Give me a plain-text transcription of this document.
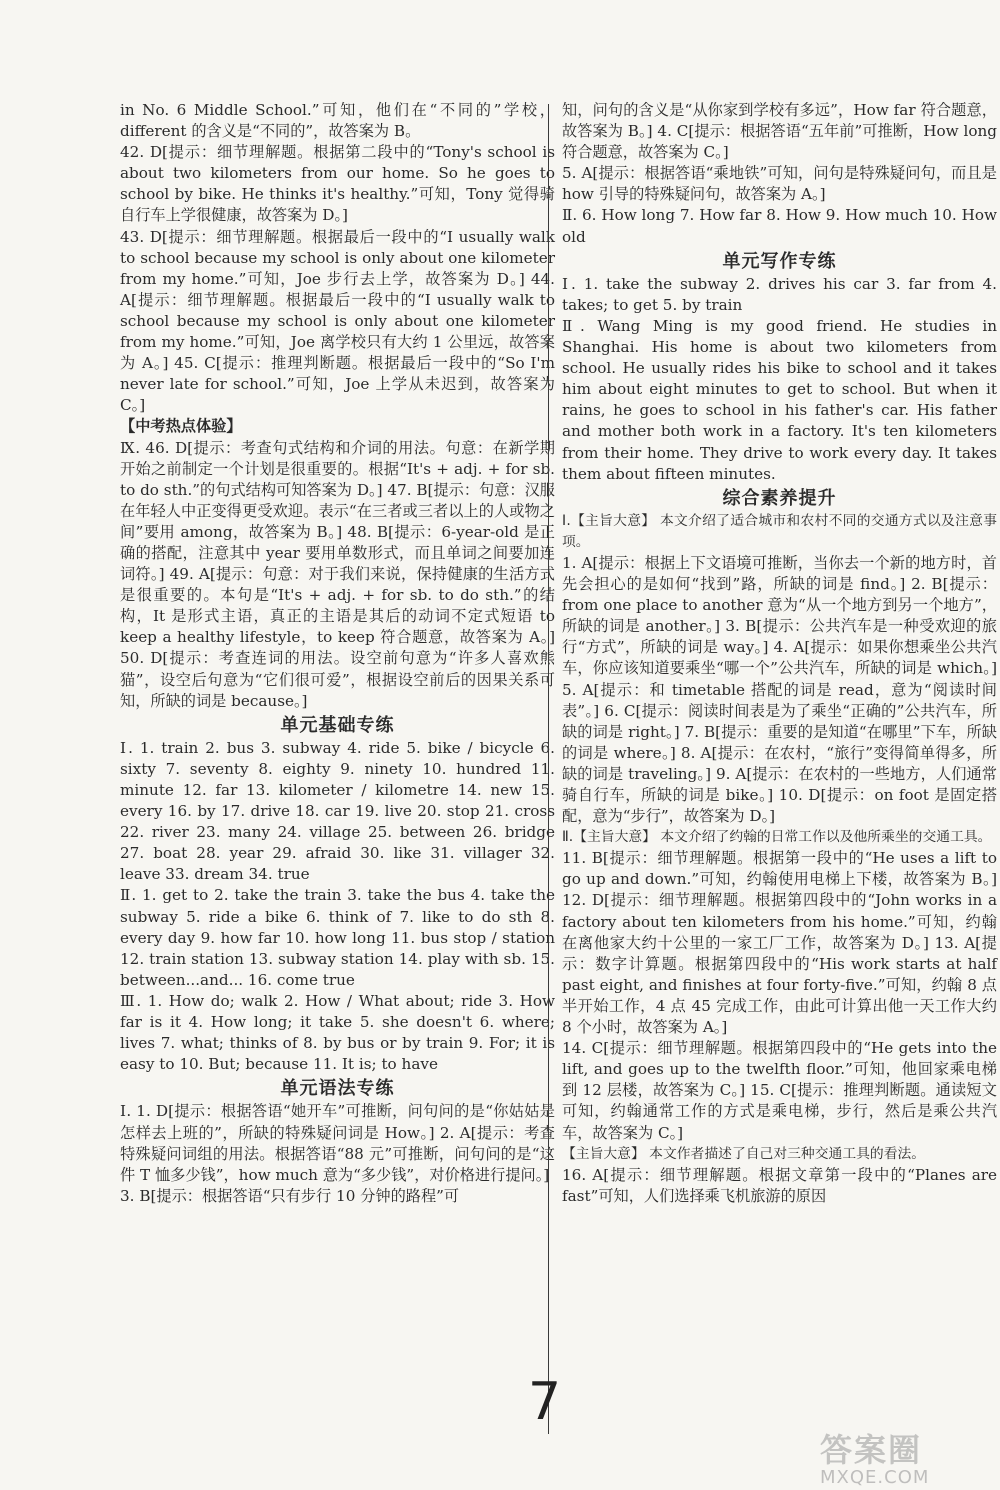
in No. 6 Middle School.”可知，他们在“不同的”学校，different 的含义是“不同的”，故答案为 B。
42. D[提示：细节理解题。根据第二段中的“Tony's school is about two kilometers from our home. So he goes to school by bike. He thinks it's healthy.”可知，Tony 觉得骑自行车上学很健康，故答案为 D。]
43. D[提示：细节理解题。根据最后一段中的“I usually walk to school because my school is only about one kilometer from my home.”可知，Joe 步行去上学，故答案为 D。] 44. A[提示：细节理解题。根据最后一段中的“I usually walk to school because my school is only about one kilometer from my home.”可知，Joe 离学校只有大约 1 公里远，故答案为 A。] 45. C[提示：推理判断题。根据最后一段中的“So I'm never late for school.”可知，Joe 上学从未迟到，故答案为 C。]
【中考热点体验】
Ⅸ. 46. D[提示：考查句式结构和介词的用法。句意：在新学期开始之前制定一个计划是很重要的。根据“It's + adj. + for sb. to do sth.”的句式结构可知答案为 D。] 47. B[提示：句意：汉服在年轻人中正变得更受欢迎。表示“在三者或三者以上的人或物之间”要用 among，故答案为 B。] 48. B[提示：6-year-old 是正确的搭配，注意其中 year 要用单数形式，而且单词之间要加连词符。] 49. A[提示：句意：对于我们来说，保持健康的生活方式是很重要的。本句是“It's + adj. + for sb. to do sth.”的结构，It 是形式主语，真正的主语是其后的动词不定式短语 to keep a healthy lifestyle，to keep 符合题意，故答案为 A。] 50. D[提示：考查连词的用法。设空前句意为“许多人喜欢熊猫”，设空后句意为“它们很可爱”，根据设空前后的因果关系可知，所缺的词是 because。]
单元基础专练
Ⅰ. 1. train 2. bus 3. subway 4. ride 5. bike / bicycle 6. sixty 7. seventy 8. eighty 9. ninety 10. hundred 11. minute 12. far 13. kilometer / kilometre 14. new 15. every 16. by 17. drive 18. car 19. live 20. stop 21. cross 22. river 23. many 24. village 25. between 26. bridge 27. boat 28. year 29. afraid 30. like 31. villager 32. leave 33. dream 34. true
Ⅱ. 1. get to 2. take the train 3. take the bus 4. take the subway 5. ride a bike 6. think of 7. like to do sth 8. every day 9. how far 10. how long 11. bus stop / station 12. train station 13. subway station 14. play with sb. 15. between...and... 16. come true
Ⅲ. 1. How do; walk 2. How / What about; ride 3. How far is it 4. How long; it take 5. she doesn't 6. where; lives 7. what; thinks of 8. by bus or by train 9. For; it is easy to 10. But; because 11. It is; to have
单元语法专练
Ⅰ. 1. D[提示：根据答语“她开车”可推断，问句问的是“你姑姑是怎样去上班的”，所缺的特殊疑问词是 How。] 2. A[提示：考查特殊疑问词组的用法。根据答语“88 元”可推断，问句问的是“这件 T 恤多少钱”，how much 意为“多少钱”，对价格进行提问。]
3. B[提示：根据答语“只有步行 10 分钟的路程”可
知，问句的含义是“从你家到学校有多远”，How far 符合题意，故答案为 B。] 4. C[提示：根据答语“五年前”可推断，How long 符合题意，故答案为 C。]
5. A[提示：根据答语“乘地铁”可知，问句是特殊疑问句，而且是 how 引导的特殊疑问句，故答案为 A。]
Ⅱ. 6. How long 7. How far 8. How 9. How much 10. How old
单元写作专练
Ⅰ. 1. take the subway 2. drives his car 3. far from 4. takes; to get 5. by train
Ⅱ. Wang Ming is my good friend. He studies in Shanghai. His home is about two kilometers from school. He usually rides his bike to school and it takes him about eight minutes to get to school. But when it rains, he goes to school in his father's car. His father and mother both work in a factory. It's ten kilometers from their home. They drive to work every day. It takes them about fifteen minutes.
综合素养提升
Ⅰ.【主旨大意】 本文介绍了适合城市和农村不同的交通方式以及注意事项。
1. A[提示：根据上下文语境可推断，当你去一个新的地方时，首先会担心的是如何“找到”路，所缺的词是 find。] 2. B[提示：from one place to another 意为“从一个地方到另一个地方”，所缺的词是 another。] 3. B[提示：公共汽车是一种受欢迎的旅行“方式”，所缺的词是 way。] 4. A[提示：如果你想乘坐公共汽车，你应该知道要乘坐“哪一个”公共汽车，所缺的词是 which。] 5. A[提示：和 timetable 搭配的词是 read，意为“阅读时间表”。] 6. C[提示：阅读时间表是为了乘坐“正确的”公共汽车，所缺的词是 right。] 7. B[提示：重要的是知道“在哪里”下车，所缺的词是 where。] 8. A[提示：在农村，“旅行”变得简单得多，所缺的词是 traveling。] 9. A[提示：在农村的一些地方，人们通常骑自行车，所缺的词是 bike。] 10. D[提示：on foot 是固定搭配，意为“步行”，故答案为 D。]
Ⅱ.【主旨大意】 本文介绍了约翰的日常工作以及他所乘坐的交通工具。
11. B[提示：细节理解题。根据第一段中的“He uses a lift to go up and down.”可知，约翰使用电梯上下楼，故答案为 B。] 12. D[提示：细节理解题。根据第四段中的“John works in a factory about ten kilometers from his home.”可知，约翰在离他家大约十公里的一家工厂工作，故答案为 D。] 13. A[提示：数字计算题。根据第四段中的“His work starts at half past eight, and finishes at four forty-five.”可知，约翰 8 点半开始工作，4 点 45 完成工作，由此可计算出他一天工作大约 8 个小时，故答案为 A。]
14. C[提示：细节理解题。根据第四段中的“He gets into the lift, and goes up to the twelfth floor.”可知，他回家乘电梯到 12 层楼，故答案为 C。] 15. C[提示：推理判断题。通读短文可知，约翰通常工作的方式是乘电梯，步行，然后是乘公共汽车，故答案为 C。]
【主旨大意】 本文作者描述了自己对三种交通工具的看法。
16. A[提示：细节理解题。根据文章第一段中的“Planes are fast”可知，人们选择乘飞机旅游的原因
7
答案圈
MXQE.COM
